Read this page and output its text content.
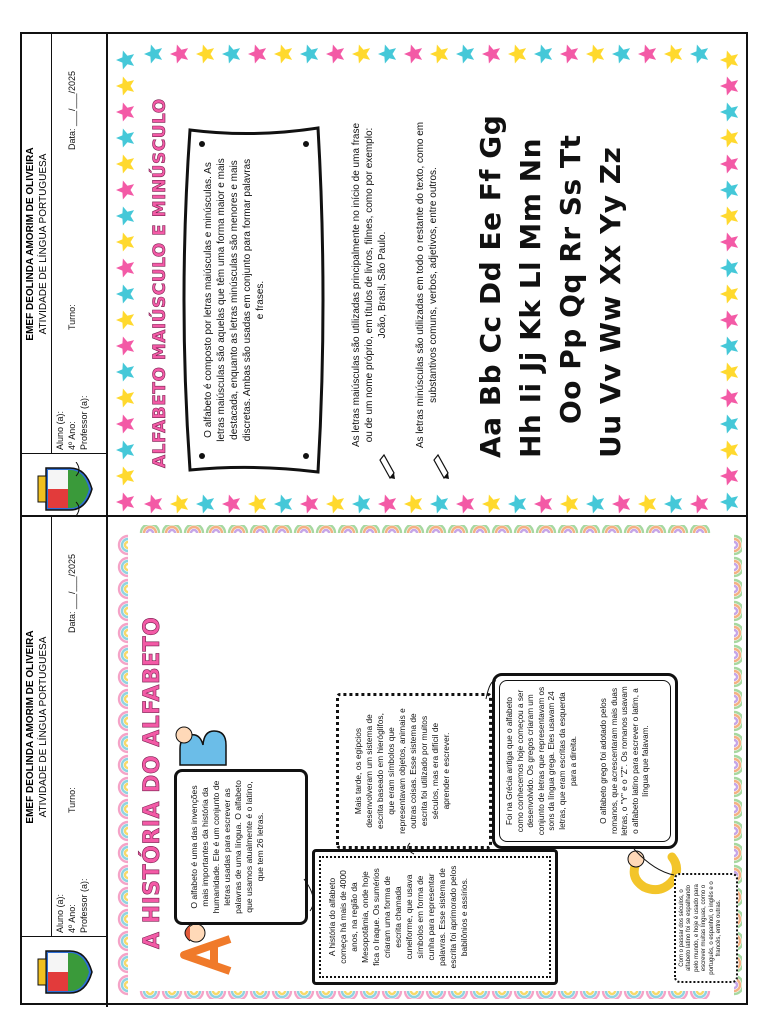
EMEF DEOLINDA AMORIM DE OLIVEIRA ATIVIDADE DE LÍNGUA PORTUGUESA
Aluno (a): 4º Ano:
Turno:
Data: ___/___/2025
Professor (a):	ALFABETO MAIÚSCULO E MINÚSCULO	O alfabeto é composto por letras maiúsculas e minúsculas. As letras maiúsculas são aquelas que têm uma forma maior e mais destacada, enquanto as letras minúsculas são menores e mais discretas. Ambas são usadas em conjunto para formar palavras e frases.	As letras maiúsculas são utilizadas principalmente no início de uma frase ou de um nome próprio, em títulos de livros, filmes, como por exemplo: João, Brasil, São Paulo.	As letras minúsculas são utilizadas em todo o restante do texto, como em substantivos comuns, verbos, adjetivos, entre outros. Aa Bb Cc Dd Ee Ff Gg Hh Ii Jj Kk Ll Mm Nn Oo Pp Qq Rr Ss Tt Uu Vv Ww Xx Yy Zz
EMEF DEOLINDA AMORIM DE OLIVEIRA ATIVIDADE DE LÍNGUA PORTUGUESA
Aluno (a): 4º Ano:
Turno:
Data: ___/___/2025
Professor (a): A HISTÓRIA DO ALFABETO	O alfabeto é uma das invenções mais importantes da história da humanidade. Ele é um conjunto de letras usadas para escrever as palavras de uma língua. O alfabeto que usamos atualmente é o latino, que tem 26 letras.
A história do alfabeto começa há mais de 4000 anos, na região da Mesopotâmia, onde hoje fica o Iraque. Os sumérios criaram uma forma de escrita chamada cuneiforme, que usava símbolos em forma de cunha para representar palavras. Esse sistema de escrita foi aprimorado pelos babilônios e assírios.
Mais tarde, os egípcios desenvolveram um sistema de escrita baseado em hieróglifos, que eram símbolos que representavam objetos, animais e outras coisas. Esse sistema de escrita foi utilizado por muitos séculos, mas era difícil de aprender e escrever.	Foi na Grécia antiga que o alfabeto como conhecemos hoje começou a ser desenvolvido. Os gregos criaram um conjunto de letras que representavam os sons da língua grega. Eles usavam 24 letras, que eram escritas da esquerda para a direita.	O alfabeto grego foi adotado pelos romanos, que acrescentaram mais duas letras, o "Y" e o "Z". Os romanos usavam o alfabeto latino para escrever o latim, a língua que falavam.
Com o passar dos séculos, o alfabeto latino foi se espalhando pelo mundo, e hoje é usado para escrever muitas línguas, como o português, o espanhol, o inglês e o francês, entre outras.
